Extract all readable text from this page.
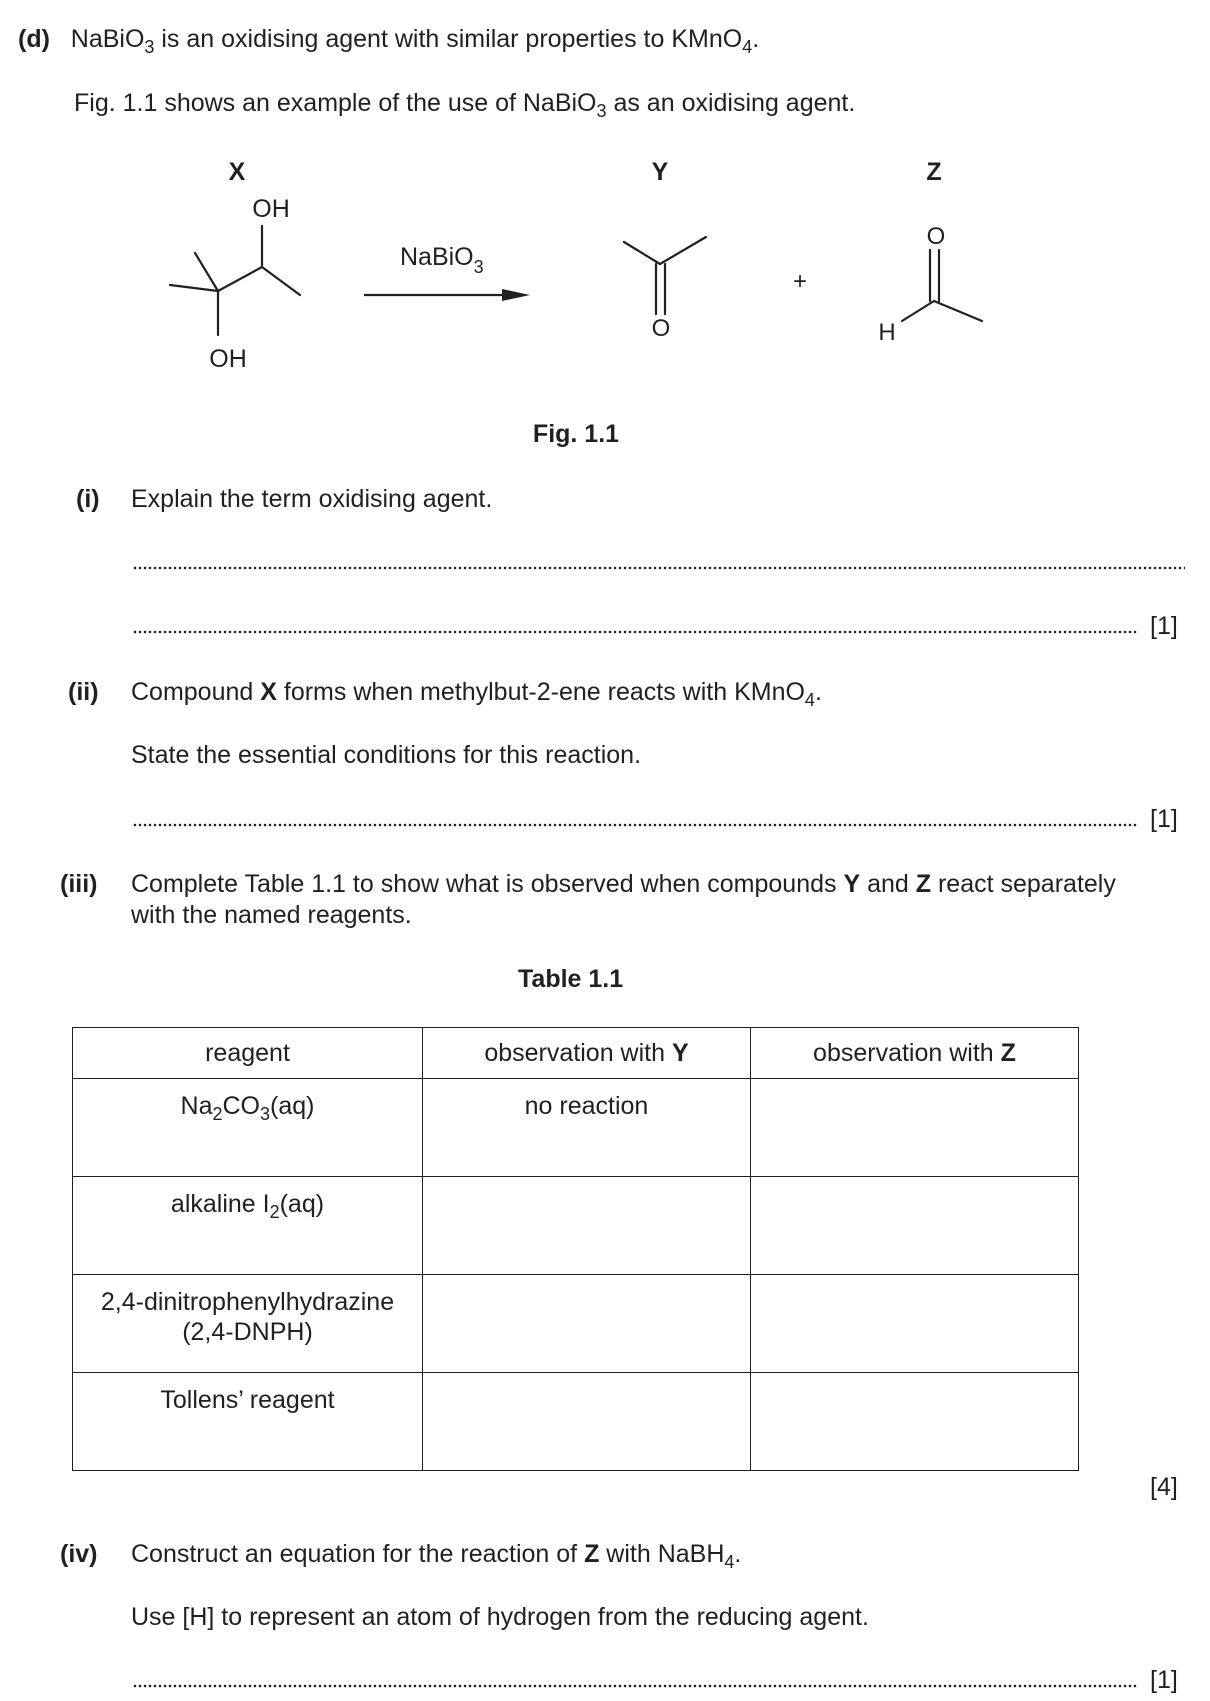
(d) NaBiO$_3$ is an oxidising agent with similar properties to KMnO$_4$.
Fig. 1.1 shows an example of the use of NaBiO$_3$ as an oxidising agent.
X	Y	Z
OH
OH
NaBiO$_3$
O
+
O
H
Fig. 1.1
(i) Explain the term oxidising agent.
[1]
(ii) Compound X forms when methylbut-2-ene reacts with KMnO$_4$.
State the essential conditions for this reaction.
[1]
(iii) Complete Table 1.1 to show what is observed when compounds Y and Z react separately
with the named reagents.
Table 1.1
reagent	observation with Y	observation with Z
$Na_2CO_3(aq)$	no reaction	
alkaline $I_2(aq)$		

2,4-dinitrophenylhydrazine
(2,4-DNPH)		

Tollens’ reagent		
[4]
(iv) Construct an equation for the reaction of Z with NaBH$_4$.
Use [H] to represent an atom of hydrogen from the reducing agent.
[1]
